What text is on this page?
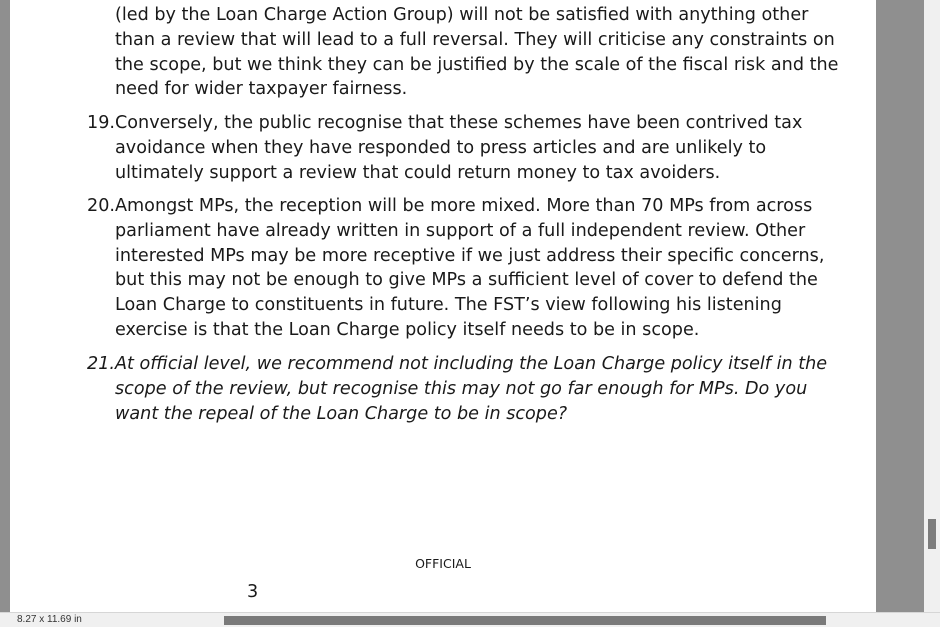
(led by the Loan Charge Action Group) will not be satisfied with anything other
than a review that will lead to a full reversal. They will criticise any constraints on
the scope, but we think they can be justified by the scale of the fiscal risk and the
need for wider taxpayer fairness.

19. Conversely, the public recognise that these schemes have been contrived tax
avoidance when they have responded to press articles and are unlikely to
ultimately support a review that could return money to tax avoiders.

20. Amongst MPs, the reception will be more mixed. More than 70 MPs from across
parliament have already written in support of a full independent review. Other
interested MPs may be more receptive if we just address their specific concerns,
but this may not be enough to give MPs a sufficient level of cover to defend the
Loan Charge to constituents in future. The FST’s view following his listening
exercise is that the Loan Charge policy itself needs to be in scope.

21. At official level, we recommend not including the Loan Charge policy itself in the
scope of the review, but recognise this may not go far enough for MPs. Do you
want the repeal of the Loan Charge to be in scope?

OFFICIAL
3
8.27 x 11.69 in
